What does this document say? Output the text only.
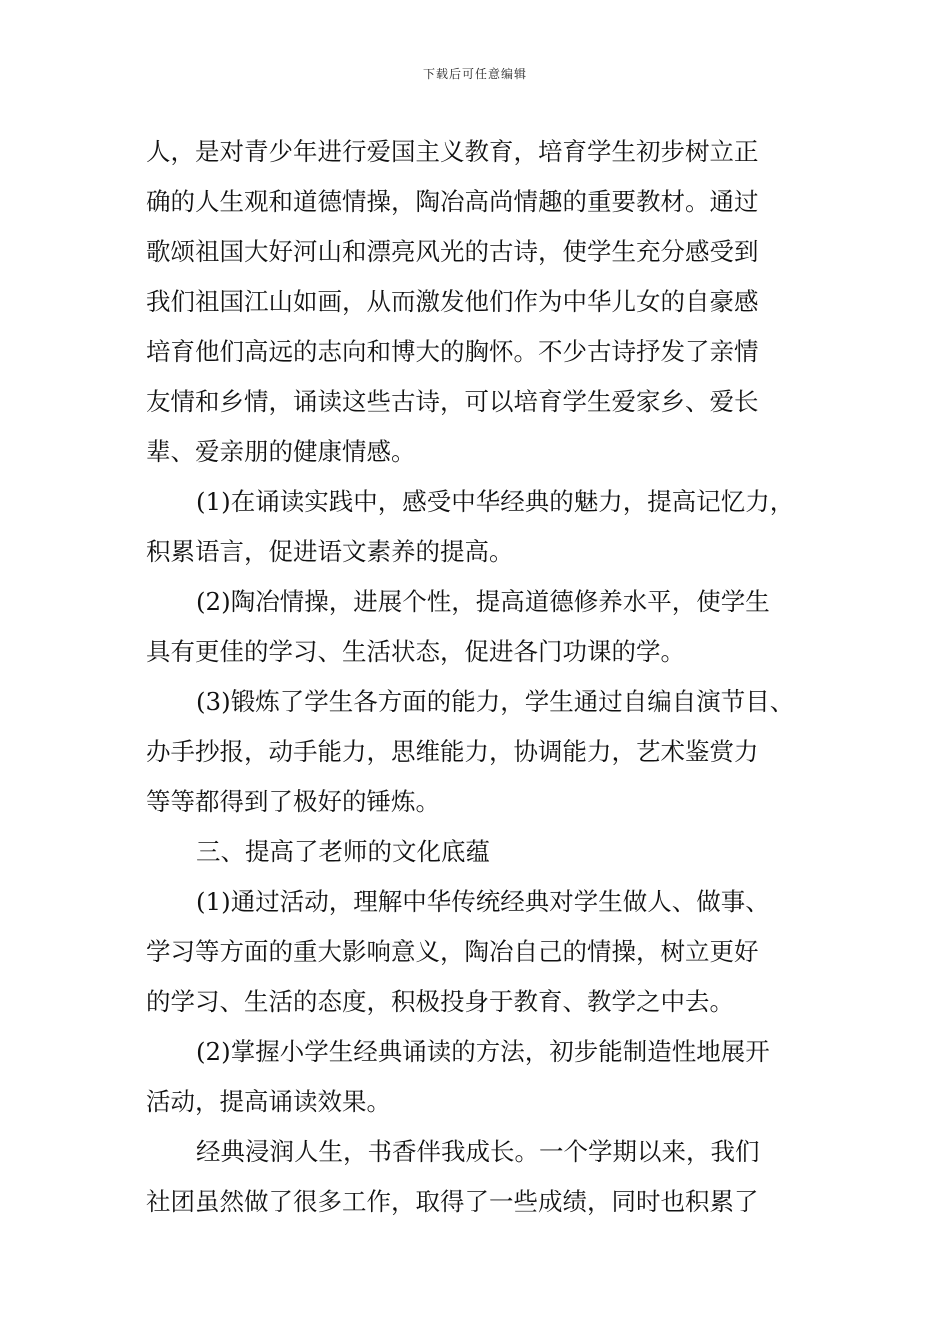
下载后可任意编辑
人，是对青少年进行爱国主义教育，培育学生初步树立正
确的人生观和道德情操，陶冶高尚情趣的重要教材。通过
歌颂祖国大好河山和漂亮风光的古诗，使学生充分感受到
我们祖国江山如画，从而激发他们作为中华儿女的自豪感
培育他们高远的志向和博大的胸怀。不少古诗抒发了亲情
友情和乡情，诵读这些古诗，可以培育学生爱家乡、爱长
辈、爱亲朋的健康情感。
(1)在诵读实践中，感受中华经典的魅力，提高记忆力，
积累语言，促进语文素养的提高。
(2)陶冶情操，进展个性，提高道德修养水平，使学生
具有更佳的学习、生活状态，促进各门功课的学。
(3)锻炼了学生各方面的能力，学生通过自编自演节目、
办手抄报，动手能力，思维能力，协调能力，艺术鉴赏力
等等都得到了极好的锤炼。
三、提高了老师的文化底蕴
(1)通过活动，理解中华传统经典对学生做人、做事、
学习等方面的重大影响意义，陶冶自己的情操，树立更好
的学习、生活的态度，积极投身于教育、教学之中去。
(2)掌握小学生经典诵读的方法，初步能制造性地展开
活动，提高诵读效果。
经典浸润人生，书香伴我成长。一个学期以来，我们
社团虽然做了很多工作，取得了一些成绩，同时也积累了
